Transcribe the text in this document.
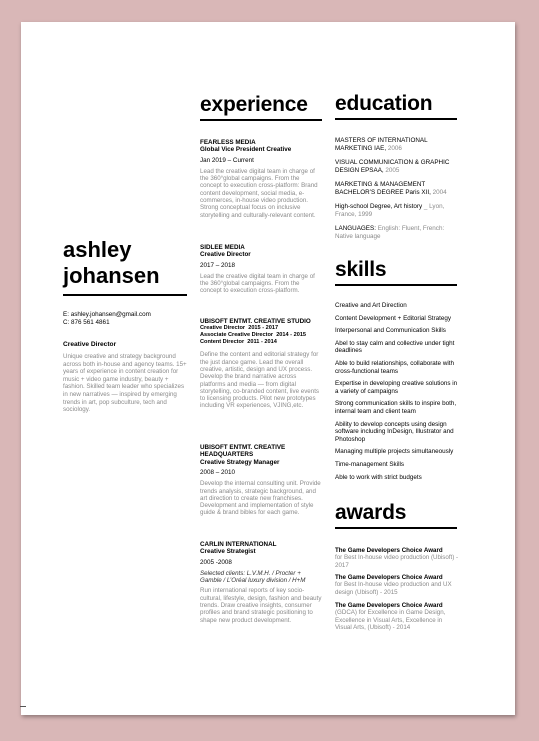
ashley
johansen
E: ashley.johansen@gmail.com
C: 876 561 4861
Creative Director
Unique creative and strategy background across both in-house and agency teams. 15+ years of experience in content creation for music + video game industry, beauty + fashion. Skilled team leader who specializes in new narratives — inspired by emerging trends in art, pop subculture, tech and sociology.
experience
FEARLESS MEDIA
Global Vice President Creative
Jan 2019 – Current
Lead the creative digital team in charge of the 360°global campaigns. From the concept to execution cross-platform: Brand content development, social media, e-commerces, in-house video production. Strong conceptual focus on inclusive storytelling and culturally-relevant content.
SIDLEE MEDIA
Creative Director
2017 – 2018
Lead the creative digital team in charge of the 360°global campaigns. From the concept to execution cross-platform.
UBISOFT ENTMT. CREATIVE STUDIO
Creative Director 2015 - 2017
Associate Creative Director 2014 - 2015
Content Director 2011 - 2014
Define the content and editorial strategy for the just dance game. Lead the overall creative, artistic, design and UX process. Develop the brand narrative across platforms and media — from digital storytelling, co-branded content, live events to licensing products. Pilot new prototypes including VR experiences, VJING,etc.
UBISOFT ENTMT. CREATIVE HEADQUARTERS
Creative Strategy Manager
2008 – 2010
Develop the internal consulting unit. Provide trends analysis, strategic background, and art direction to create new franchises. Development and implementation of style guide & brand bibles for each game.
CARLIN INTERNATIONAL
Creative Strategist
2005 -2008
Selected clients: L.V.M.H. / Procter + Gamble / L’Oréal luxury division / H+M
Run international reports of key socio-cultural, lifestyle, design, fashion and beauty trends. Draw creative insights, consumer profiles and brand strategic positioning to shape new product development.
education
MASTERS OF INTERNATIONAL MARKETING IAE, 2006
VISUAL COMMUNICATION & GRAPHIC DESIGN EPSAA, 2005
MARKETING & MANAGEMENT BACHELOR’S DEGREE Paris XII, 2004
High-school Degree, Art history _ Lyon, France, 1999
LANGUAGES: English: Fluent, French: Native language
skills
Creative and Art Direction
Content Development + Editorial Strategy
Interpersonal and Communication Skills
Abel to stay calm and collective under tight deadlines
Able to build relationships, collaborate with cross-functional teams
Expertise in developing creative solutions in a variety of campaigns
Strong communication skills to inspire both, internal team and client team
Ability to develop concepts using design software including InDesign, Illustrator and Photoshop
Managing multiple projects simultaneously
Time-management Skills
Able to work with strict budgets
awards
The Game Developers Choice Award
for Best In-house video production (Ubisoft) - 2017
The Game Developers Choice Award
for Best In-house video production and UX design (Ubisoft) - 2015
The Game Developers Choice Award
(GDCA) for Excellence in Game Design, Excellence in Visual Arts, Excellence in Visual Arts, (Ubisoft) - 2014
